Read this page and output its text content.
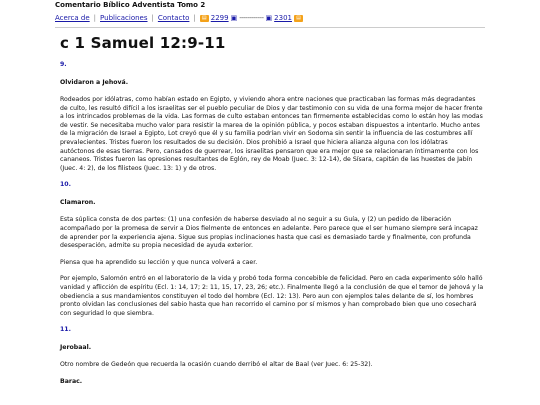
Comentario Bíblico Adventista Tomo 2
Acerca de | Publicaciones | Contacto |	▤ 2299 ▣ ------------ ▣ 2301 ▤
c 1 Samuel 12:9-11
9.
Olvidaron a Jehová.

Rodeados por idólatras, como habían estado en Egipto, y viviendo ahora entre naciones que practicaban las formas más degradantes de culto, les resultó difícil a los israelitas ser el pueblo peculiar de Dios y dar testimonio con su vida de una forma mejor de hacer frente a los intrincados problemas de la vida. Las formas de culto estaban entonces tan firmemente establecidas como lo están hoy las modas de vestir. Se necesitaba mucho valor para resistir la marea de la opinión pública, y pocos estaban dispuestos a intentarlo. Mucho antes de la migración de Israel a Egipto, Lot creyó que él y su familia podrían vivir en Sodoma sin sentir la influencia de las costumbres allí prevalecientes. Tristes fueron los resultados de su decisión. Dios prohibió a Israel que hiciera alianza alguna con los idólatras autóctonos de esas tierras. Pero, cansados de guerrear, los israelitas pensaron que era mejor que se relacionaran íntimamente con los cananeos. Tristes fueron las opresiones resultantes de Eglón, rey de Moab (Juec. 3: 12-14), de Sísara, capitán de las huestes de Jabín (Juec. 4: 2), de los filisteos (Juec. 13: 1) y de otros.

10.
Clamaron.

Esta súplica consta de dos partes: (1) una confesión de haberse desviado al no seguir a su Guía, y (2) un pedido de liberación acompañado por la promesa de servir a Dios fielmente de entonces en adelante. Pero parece que el ser humano siempre será incapaz de aprender por la experiencia ajena. Sigue sus propias inclinaciones hasta que casi es demasiado tarde y finalmente, con profunda desesperación, admite su propia necesidad de ayuda exterior.

Piensa que ha aprendido su lección y que nunca volverá a caer.

Por ejemplo, Salomón entró en el laboratorio de la vida y probó toda forma concebible de felicidad. Pero en cada experimento sólo halló vanidad y aflicción de espíritu (Ecl. 1: 14, 17; 2: 11, 15, 17, 23, 26; etc.). Finalmente llegó a la conclusión de que el temor de Jehová y la obediencia a sus mandamientos constituyen el todo del hombre (Ecl. 12: 13). Pero aun con ejemplos tales delante de sí, los hombres pronto olvidan las conclusiones del sabio hasta que han recorrido el camino por sí mismos y han comprobado bien que uno cosechará con seguridad lo que siembra.

11.
Jerobaal.

Otro nombre de Gedeón que recuerda la ocasión cuando derribó el altar de Baal (ver Juec. 6: 25-32).

Barac.
